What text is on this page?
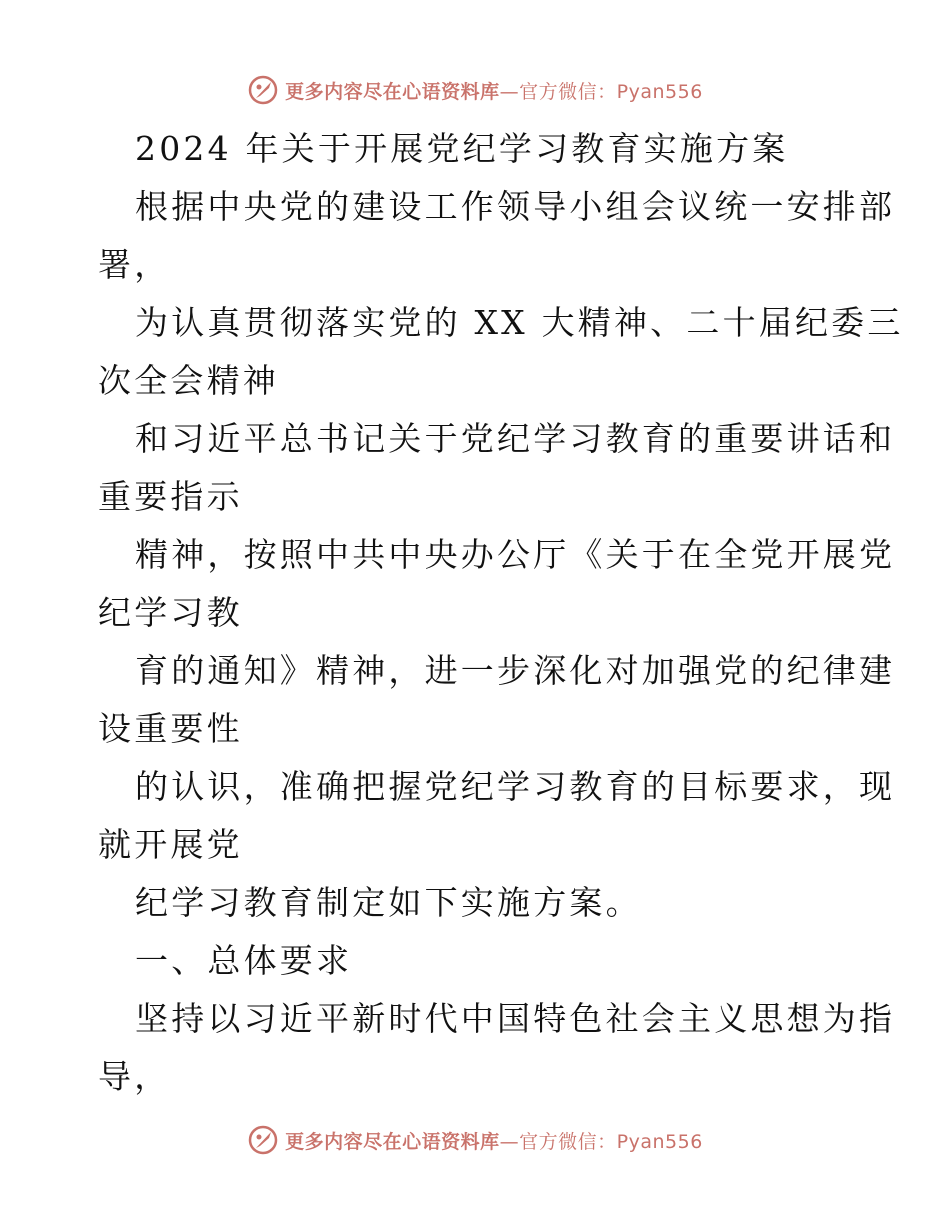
更多内容尽在心语资料库—官方微信：Pyan556
2024 年关于开展党纪学习教育实施方案
根据中央党的建设工作领导小组会议统一安排部
署，
为认真贯彻落实党的 XX 大精神、二十届纪委三
次全会精神
和习近平总书记关于党纪学习教育的重要讲话和
重要指示
精神，按照中共中央办公厅《关于在全党开展党
纪学习教
育的通知》精神，进一步深化对加强党的纪律建
设重要性
的认识，准确把握党纪学习教育的目标要求，现
就开展党
纪学习教育制定如下实施方案。
一、总体要求
坚持以习近平新时代中国特色社会主义思想为指
导，
更多内容尽在心语资料库—官方微信：Pyan556
